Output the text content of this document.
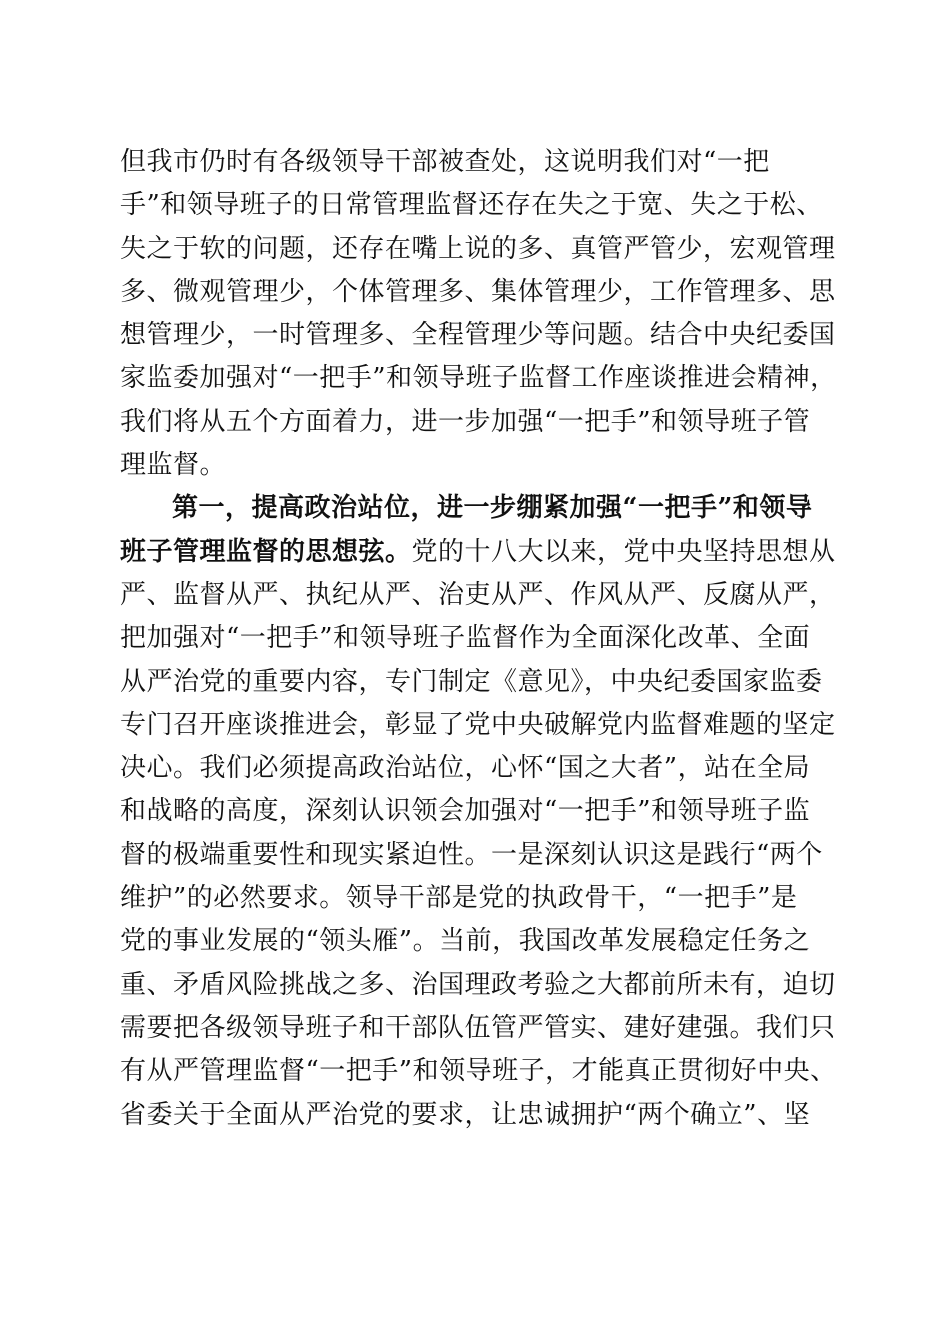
但我市仍时有各级领导干部被查处，这说明我们对“一把
手”和领导班子的日常管理监督还存在失之于宽、失之于松、
失之于软的问题，还存在嘴上说的多、真管严管少，宏观管理
多、微观管理少，个体管理多、集体管理少，工作管理多、思
想管理少，一时管理多、全程管理少等问题。结合中央纪委国
家监委加强对“一把手”和领导班子监督工作座谈推进会精神，
我们将从五个方面着力，进一步加强“一把手”和领导班子管
理监督。
第一，提高政治站位，进一步绷紧加强“一把手”和领导
班子管理监督的思想弦。党的十八大以来，党中央坚持思想从
严、监督从严、执纪从严、治吏从严、作风从严、反腐从严，
把加强对“一把手”和领导班子监督作为全面深化改革、全面
从严治党的重要内容，专门制定《意见》，中央纪委国家监委
专门召开座谈推进会，彰显了党中央破解党内监督难题的坚定
决心。我们必须提高政治站位，心怀“国之大者”，站在全局
和战略的高度，深刻认识领会加强对“一把手”和领导班子监
督的极端重要性和现实紧迫性。一是深刻认识这是践行“两个
维护”的必然要求。领导干部是党的执政骨干，“一把手”是
党的事业发展的“领头雁”。当前，我国改革发展稳定任务之
重、矛盾风险挑战之多、治国理政考验之大都前所未有，迫切
需要把各级领导班子和干部队伍管严管实、建好建强。我们只
有从严管理监督“一把手”和领导班子，才能真正贯彻好中央、
省委关于全面从严治党的要求，让忠诚拥护“两个确立”、坚
